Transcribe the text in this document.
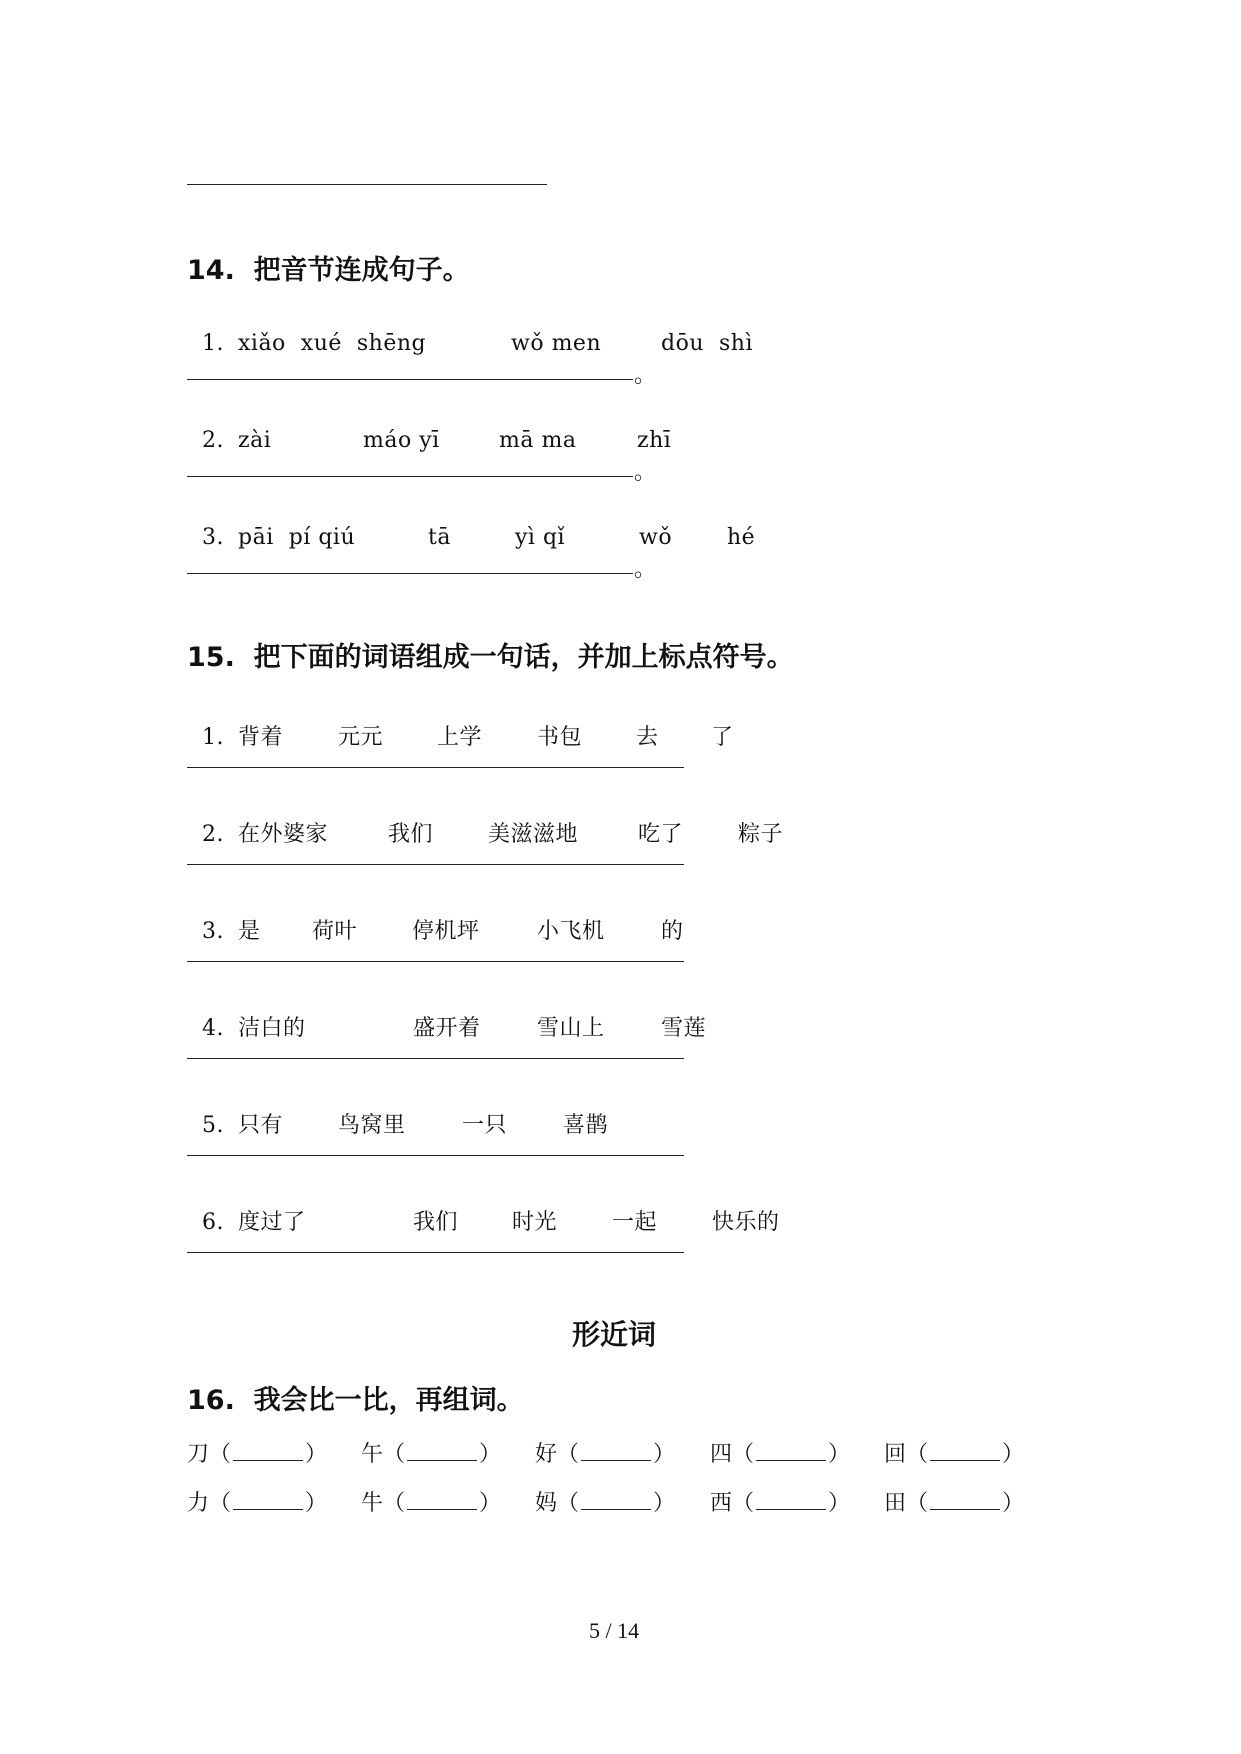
14.  把音节连成句子。

1. xiǎo  xué  shēng	wǒ men	dōu  shì

。

2. zài	máo yī	mā ma	zhī

。

3. pāi  pí qiú	tā	yì qǐ	wǒ hé

。
15.  把下面的词语组成一句话，并加上标点符号。

1. 背着 元元 上学 书包 去 了

2. 在外婆家	我们 美滋滋地	吃了 粽子

3. 是 荷叶 停机坪	小飞机	的

4. 洁白的	盛开着	雪山上	雪莲

5. 只有 鸟窝里	一只	喜鹊

6. 度过了	我们 时光 一起 快乐的

形近词
16.  我会比一比，再组词。
刀（	） 午（	） 好（	） 四（	） 回（	）
力（	） 牛（	） 妈（	） 西（	） 田（	）
5 / 14
